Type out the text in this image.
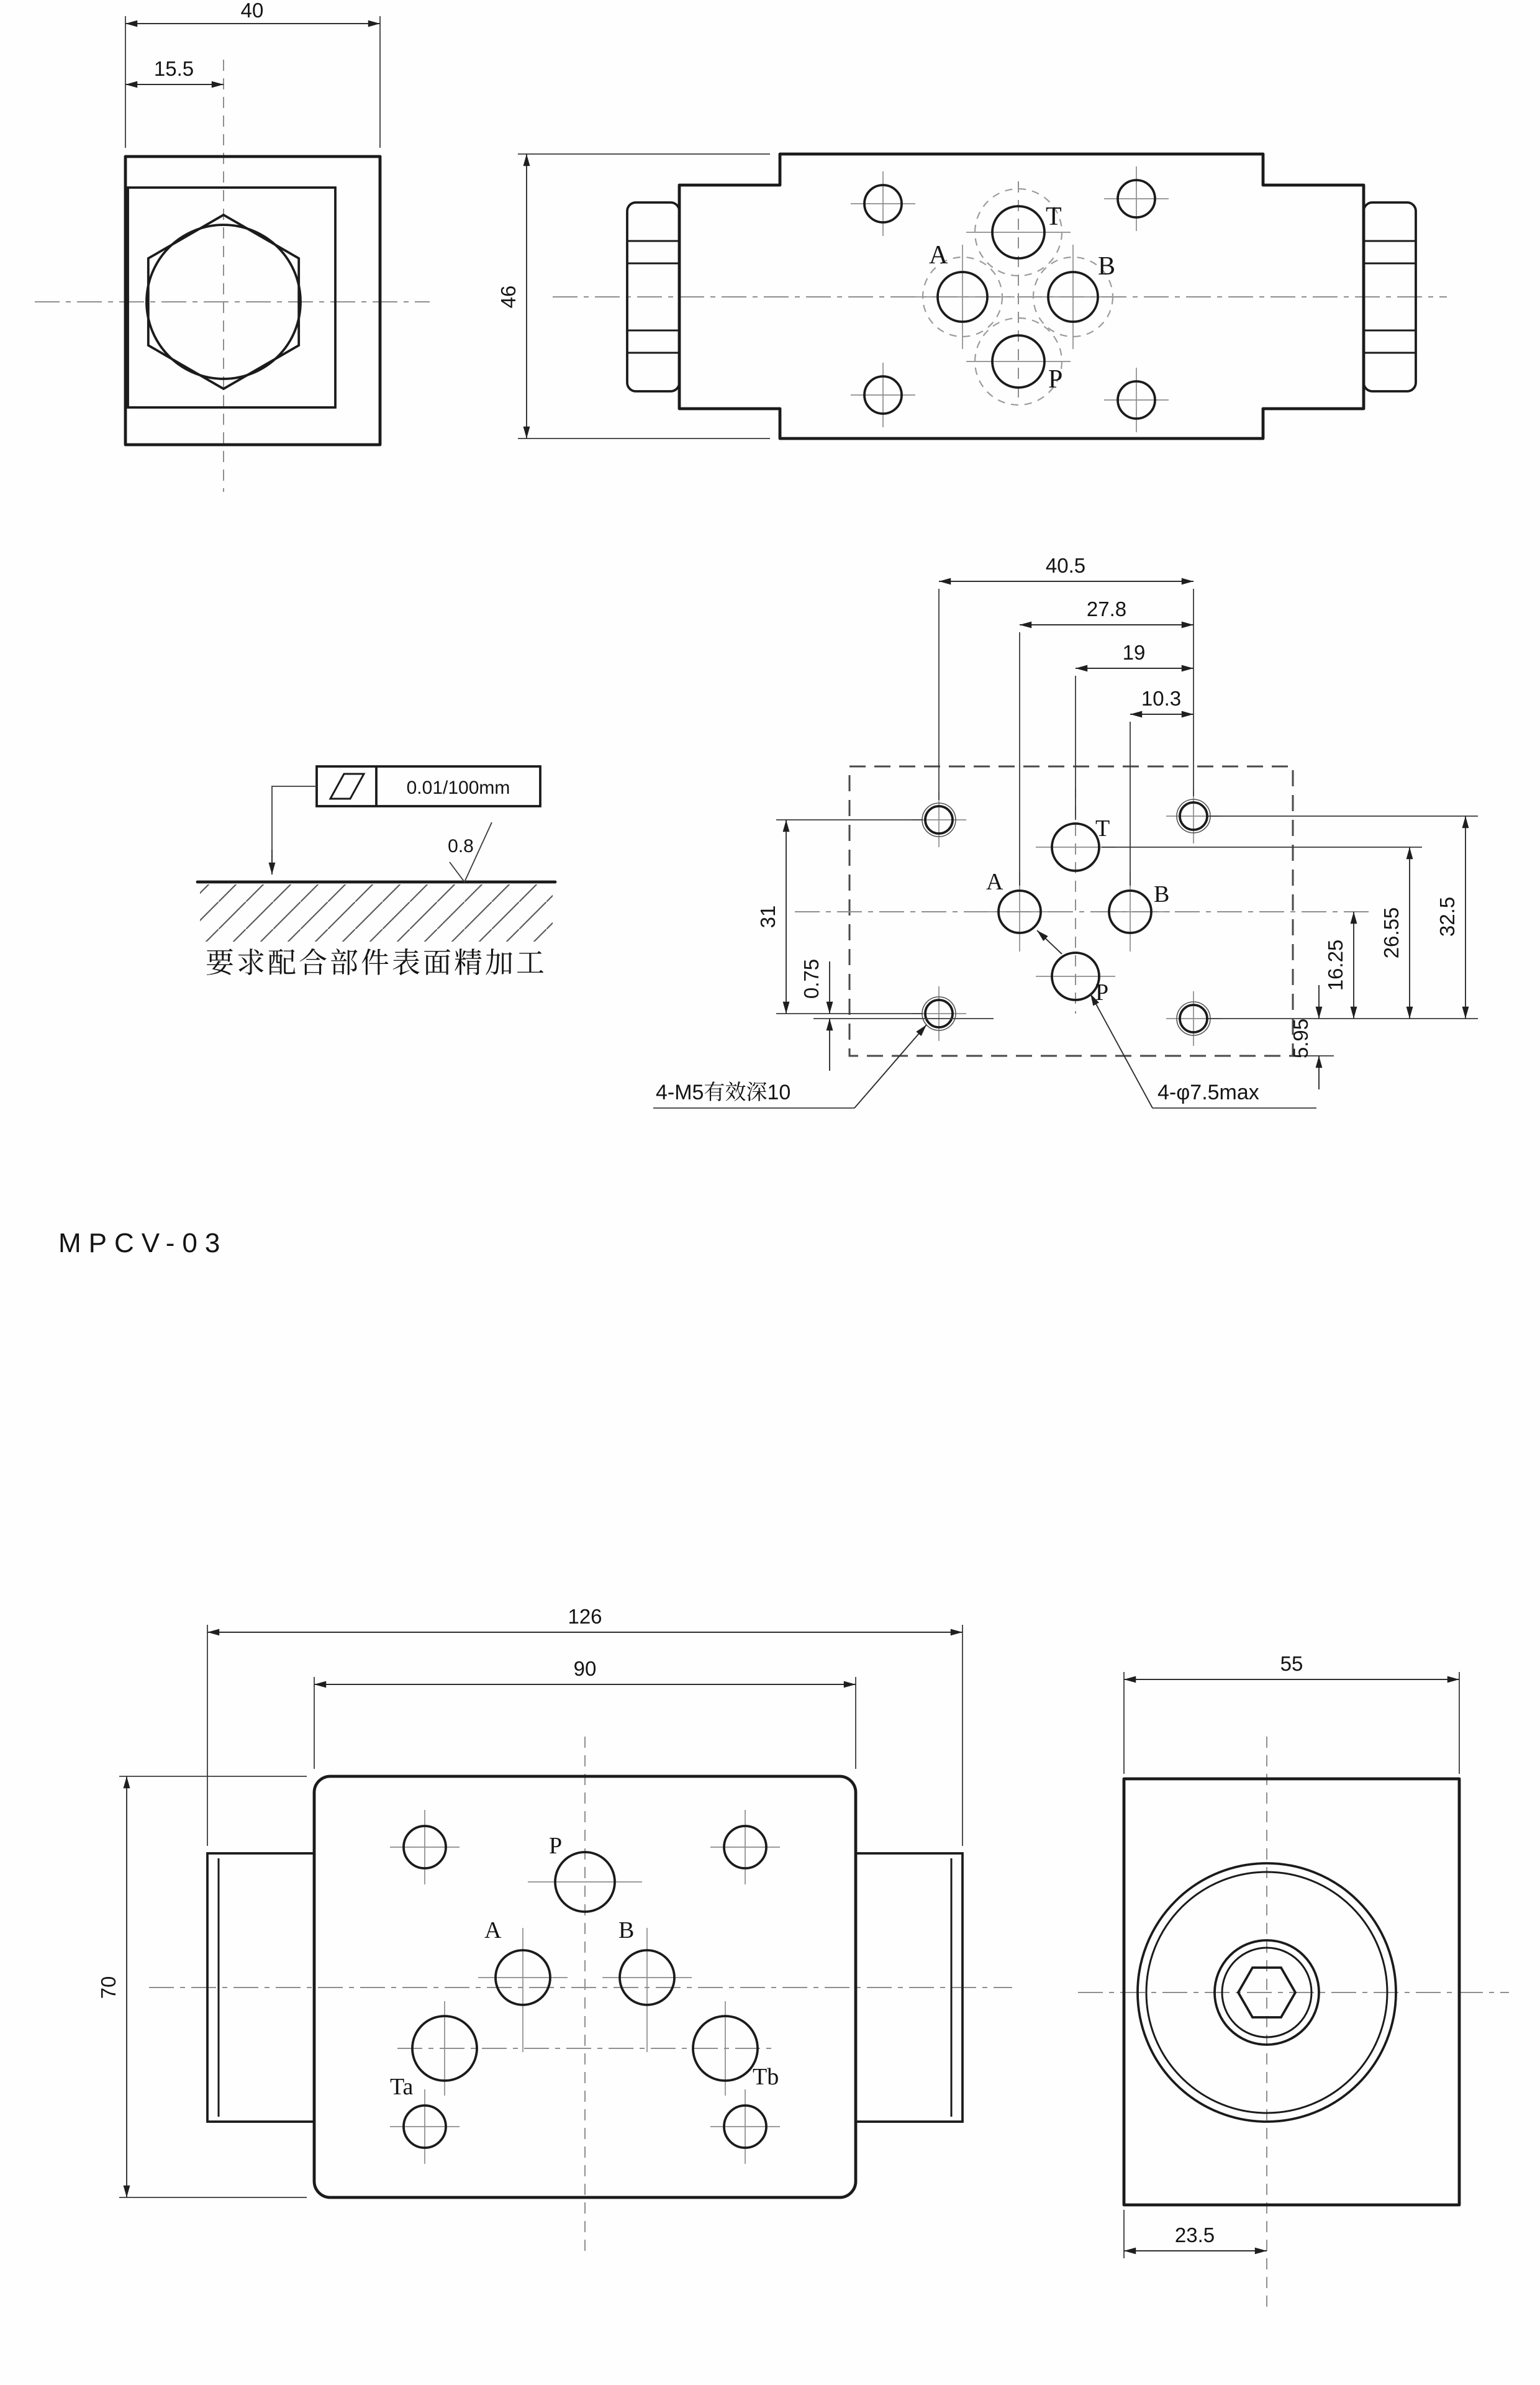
40
15.5
T
A	B
P
46
0.01/100mm
0.8
要求配合部件表面精加工
T
A	B
P
40.5
27.8
19
10.3
31
0.75
5.95
16.25
26.55	32.5
4-M5有效深10	4-φ7.5max
MPCV-03
P
A	B
Ta	Tb
126
90
70
55
23.5
